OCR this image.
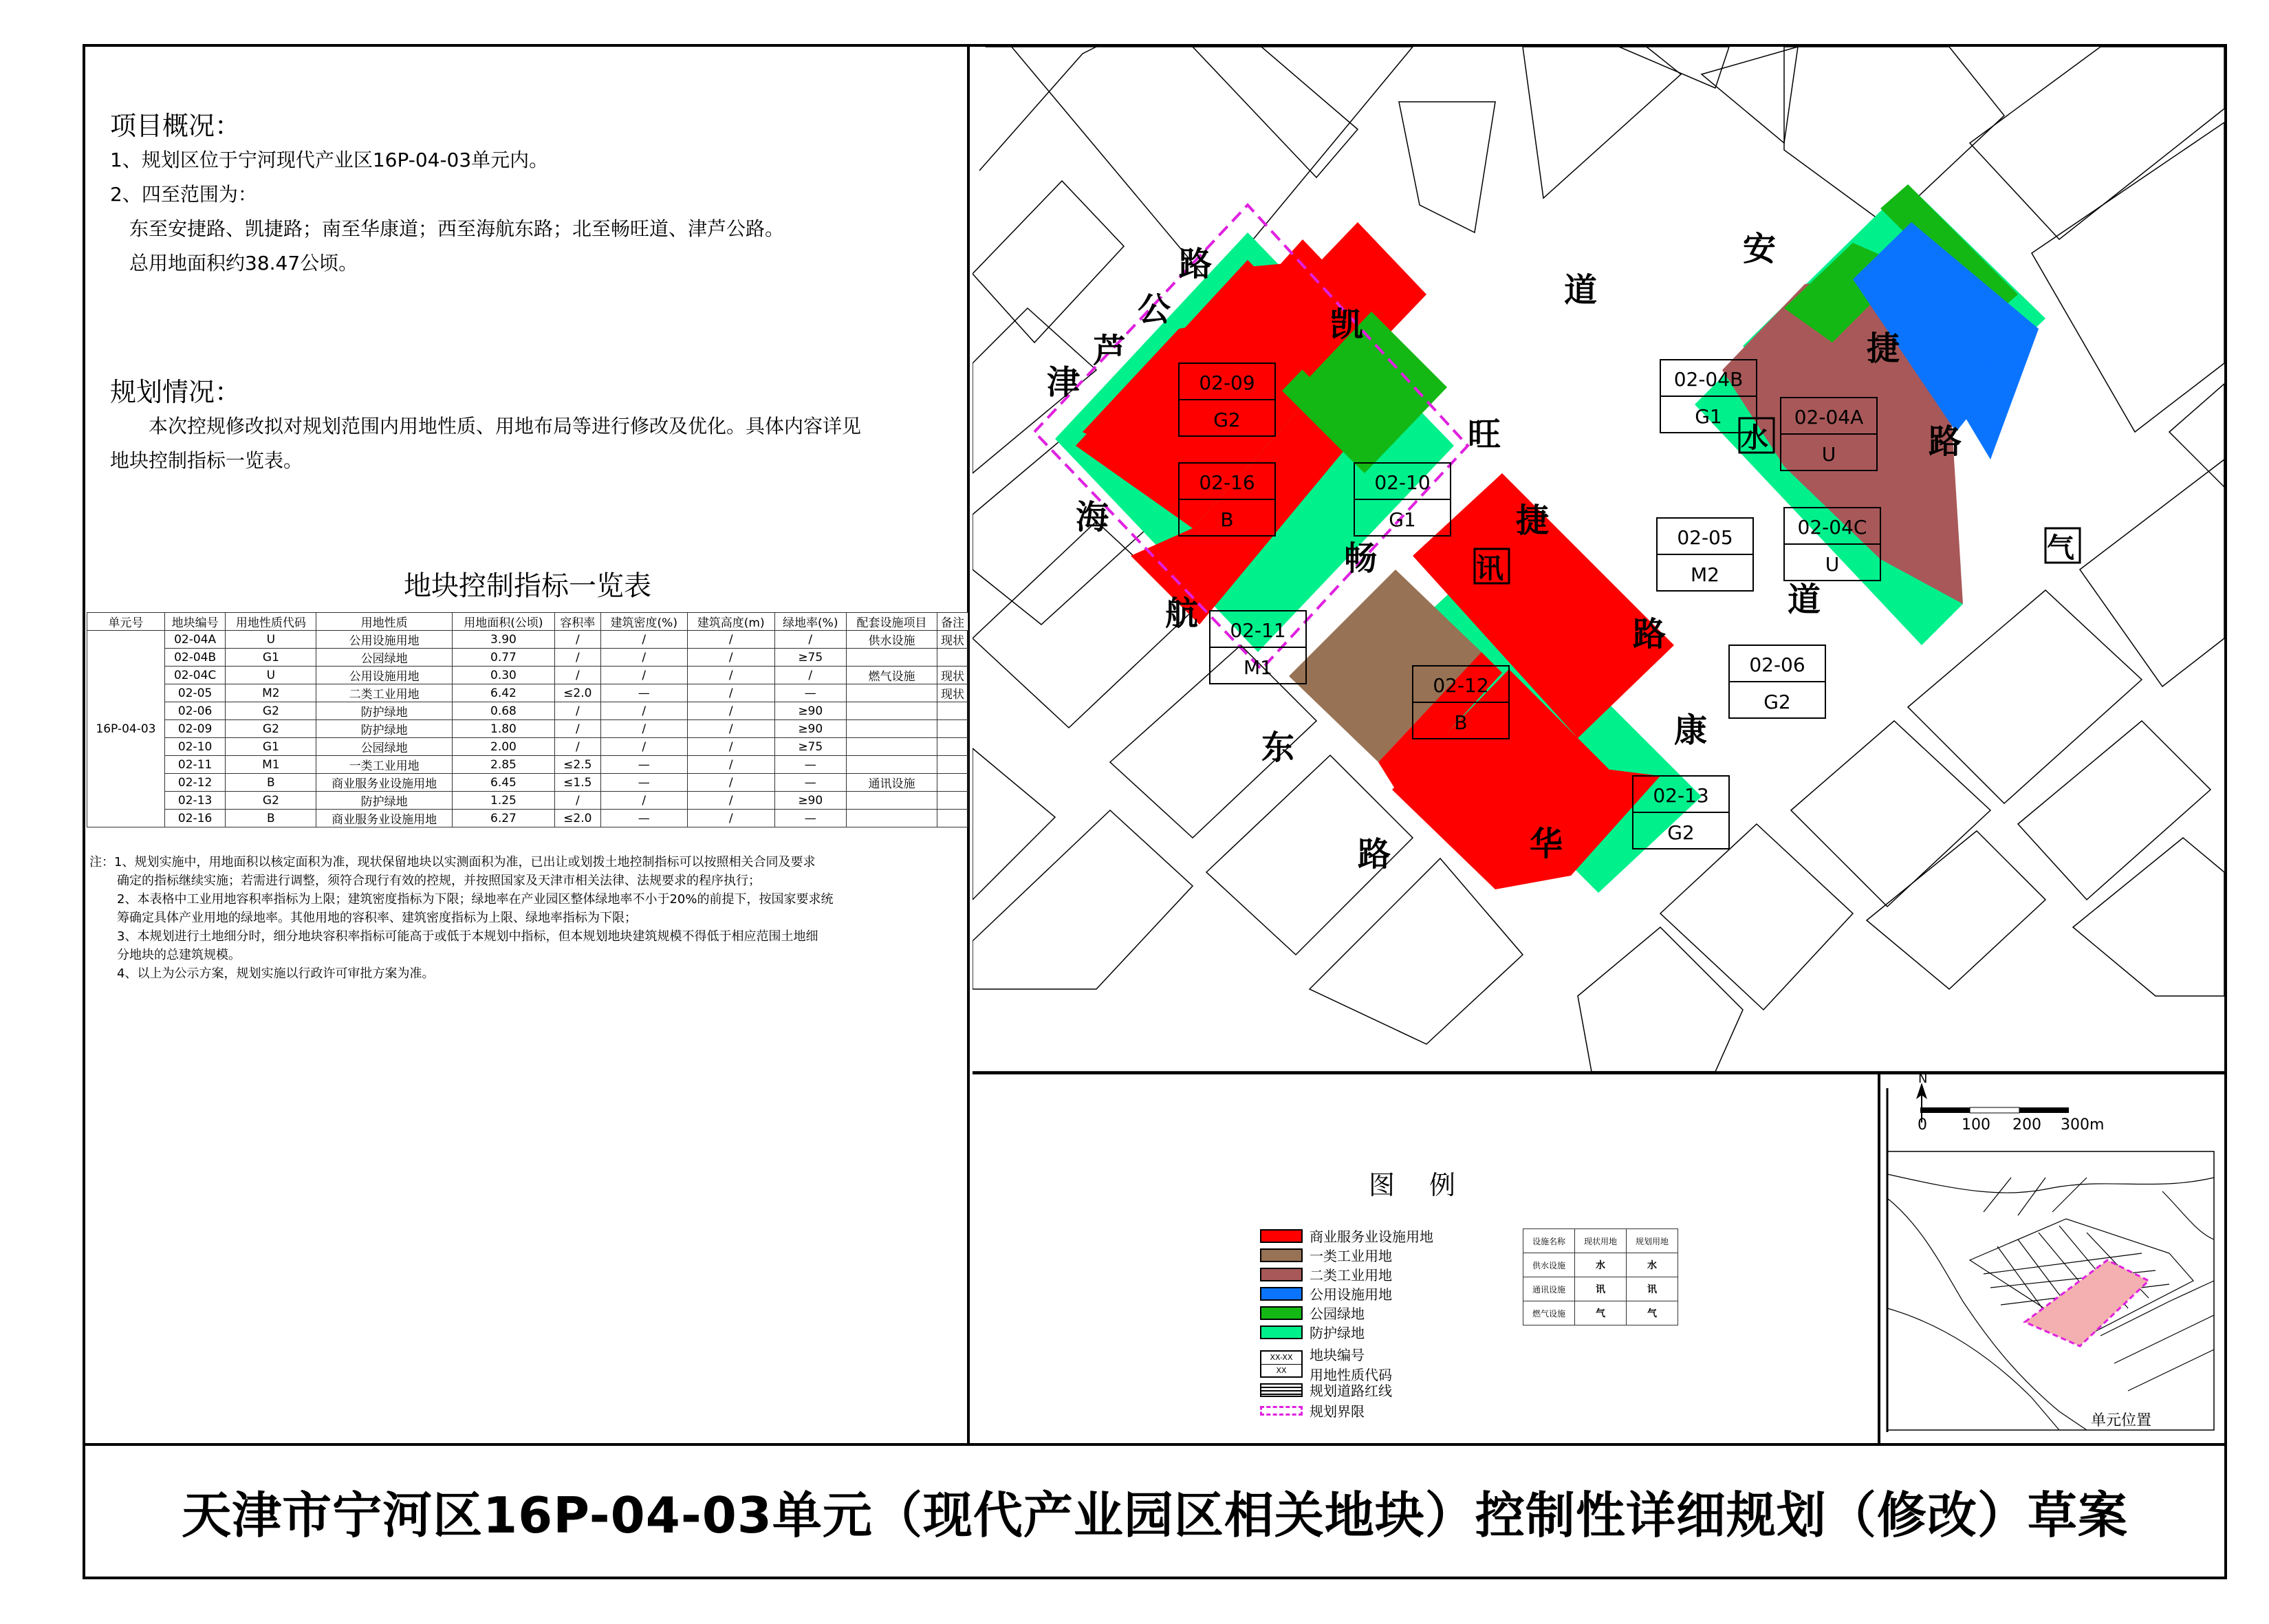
项目概况：
1、规划区位于宁河现代产业区16P-04-03单元内。
2、四至范围为：
东至安捷路、凯捷路；南至华康道；西至海航东路；北至畅旺道、津芦公路。
总用地面积约38.47公顷。
规划情况：
本次控规修改拟对规划范围内用地性质、用地布局等进行修改及优化。具体内容详见
地块控制指标一览表。
地块控制指标一览表
单元号	地块编号	用地性质代码	用地性质	用地面积(公顷)	容积率	建筑密度(%)	建筑高度(m)	绿地率(%)	配套设施项目	备注
16P-04-03	02-04A	U	公用设施用地	3.90	/	/	/	/	供水设施	现状
	02-04B	G1	公园绿地	0.77	/	/	/	≥75		
	02-04C	U	公用设施用地	0.30	/	/	/	/	燃气设施	现状
	02-05	M2	二类工业用地	6.42	≤2.0	—	/	—		现状
	02-06	G2	防护绿地	0.68	/	/	/	≥90		
	02-09	G2	防护绿地	1.80	/	/	/	≥90		
	02-10	G1	公园绿地	2.00	/	/	/	≥75		
	02-11	M1	一类工业用地	2.85	≤2.5	—	/	—		
	02-12	B	商业服务业设施用地	6.45	≤1.5	—	/	—	通讯设施	
	02-13	G2	防护绿地	1.25	/	/	/	≥90		
	02-16	B	商业服务业设施用地	6.27	≤2.0	—	/	—		
注：1、规划实施中，用地面积以核定面积为准，现状保留地块以实测面积为准，已出让或划拨土地控制指标可以按照相关合同及要求
确定的指标继续实施；若需进行调整，须符合现行有效的控规，并按照国家及天津市相关法律、法规要求的程序执行；
2、本表格中工业用地容积率指标为上限；建筑密度指标为下限；绿地率在产业园区整体绿地率不小于20%的前提下，按国家要求统
筹确定具体产业用地的绿地率。其他用地的容积率、建筑密度指标为上限、绿地率指标为下限；
3、本规划进行土地细分时，细分地块容积率指标可能高于或低于本规划中指标，但本规划地块建筑规模不得低于相应范围土地细
分地块的总建筑规模。
4、以上为公示方案，规划实施以行政许可审批方案为准。
津
芦
公
路
凯
捷
路
畅
旺
道
安
捷
路
海
航
东
路	华
康
道
02-09
G2
02-16
B
02-10
G1
02-04B
G1	02-04A
U
02-05
M2
02-04C
U
02-11
M1
02-12
B
02-06
G2
02-13
G2
水
气
讯
图　例
商业服务业设施用地
一类工业用地
二类工业用地
公用设施用地
公园绿地
防护绿地
XX-XX
XX
地块编号
用地性质代码
规划道路红线
规划界限
设施名称	现状用地	规划用地
供水设施	水	水
通讯设施	讯	讯
燃气设施	气	气
N
0 100 200 300m
单元位置
天津市宁河区16P-04-03单元（现代产业园区相关地块）控制性详细规划（修改）草案
